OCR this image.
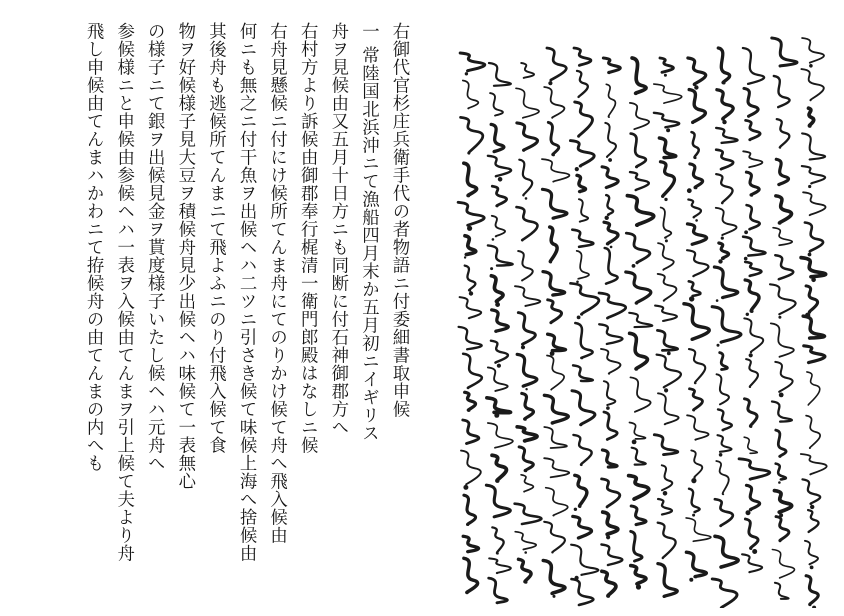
右御代官杉庄兵衛手代の者物語ニ付委細書取申候
一 常陸国北浜沖ニて漁船四月末か五月初ニイギリス
舟ヲ見候由又五月十日方ニも同断に付石神御郡方へ
右村方より訴候由御郡奉行梶清一衛門郎殿はなしニ候
右舟見懸候ニ付にけ候所てんま舟にてのりかけ候て舟へ飛入候由
何ニも無之ニ付干魚ヲ出候ヘハ二ツニ引さき候て味候上海へ捨候由
其後舟も逃候所てんまニて飛よふニのり付飛入候て食
物ヲ好候様子見大豆ヲ積候舟見少出候ヘハ味候て一表無心
の様子ニて銀ヲ出候見金ヲ貰度様子いたし候ヘハ元舟へ
参候様ニと申候由参候ヘハ一表ヲ入候由てんまヲ引上候て夫より舟
飛し申候由てんまハかわニて拵候舟の由てんまの内へも
